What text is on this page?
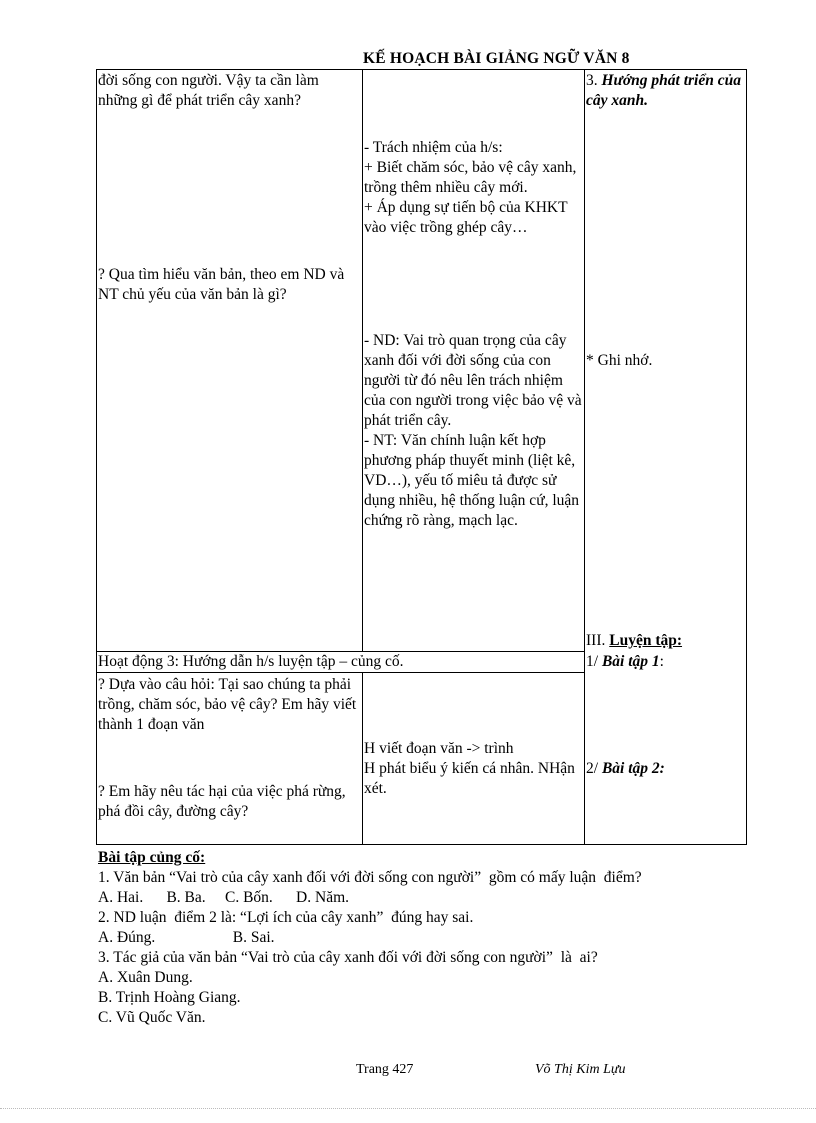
KẾ HOẠCH BÀI GIẢNG NGỮ VĂN 8

đời sống con người. Vậy ta cần làm những gì để phát triển cây xanh?

? Qua tìm hiểu văn bản, theo em ND và NT chủ yếu của văn bản là gì?

- Trách nhiệm của h/s:

+ Biết chăm sóc, bảo vệ cây xanh, trồng thêm nhiều cây mới.

+ Áp dụng sự tiến bộ của KHKT vào việc trồng ghép cây…

- ND: Vai trò quan trọng của cây xanh đối với đời sống của con người từ đó nêu lên trách nhiệm của con người trong việc bảo vệ và phát triển cây.

- NT: Văn chính luận kết hợp phương pháp thuyết minh (liệt kê, VD…), yếu tố miêu tả được sử dụng nhiều, hệ thống luận cứ, luận chứng rõ ràng, mạch lạc.

3. Hướng phát triển của cây xanh.

* Ghi nhớ.

III. Luyện tập:

Hoạt động 3: Hướng dẫn h/s luyện tập – củng cố.

? Dựa vào câu hỏi: Tại sao chúng ta phải trồng, chăm sóc, bảo vệ cây? Em hãy viết thành 1 đoạn văn

? Em hãy nêu tác hại của việc phá rừng, phá đồi cây, đường cây?

H viết đoạn văn -> trình

H phát biểu ý kiến cá nhân. NHận xét.

1/ Bài tập 1:

2/ Bài tập 2:

Bài tập củng cố:

1. Văn bản “Vai trò của cây xanh đối với đời sống con người”  gồm có mấy luận  điểm?

A. Hai.      B. Ba.     C. Bốn.      D. Năm.

2. ND luận  điểm 2 là: “Lợi ích của cây xanh”  đúng hay sai.

A. Đúng.                    B. Sai.

3. Tác giả của văn bản “Vai trò của cây xanh đối với đời sống con người”  là  ai?

A. Xuân Dung.

B. Trịnh Hoàng Giang.

C. Vũ Quốc Văn.

Trang 427	Võ Thị Kim Lựu
